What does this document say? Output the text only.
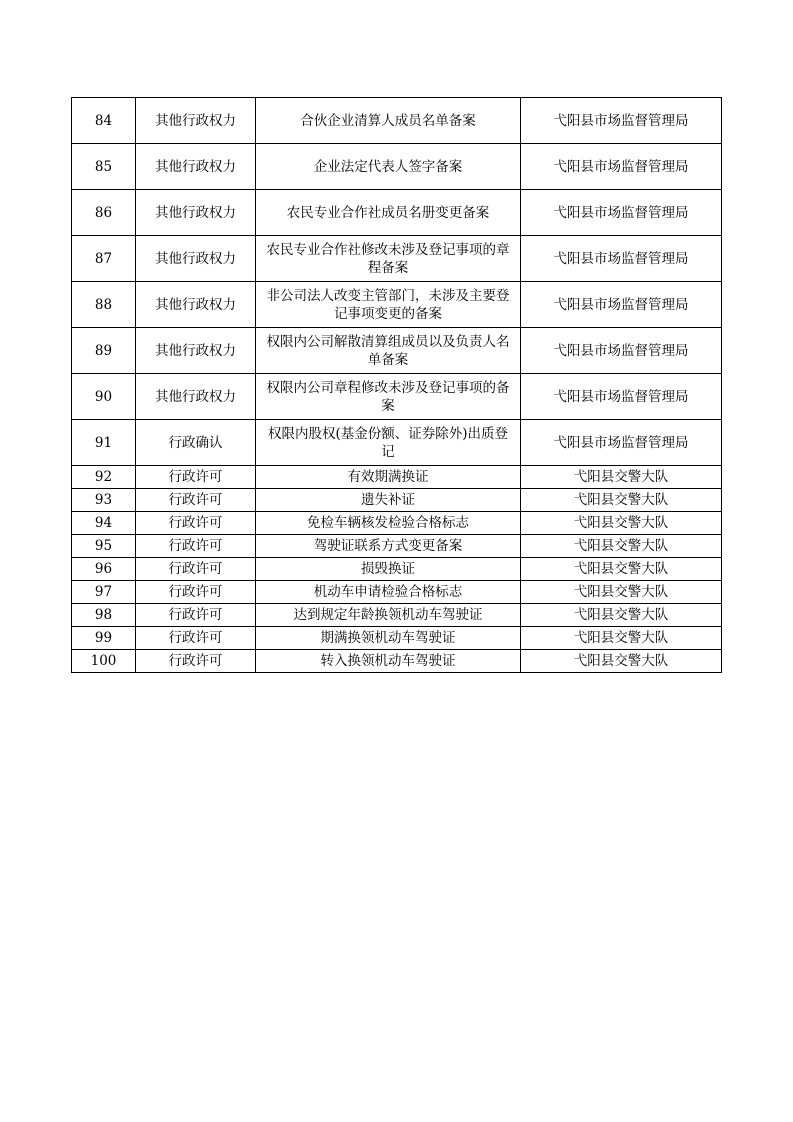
84	其他行政权力	合伙企业清算人成员名单备案	弋阳县市场监督管理局
85	其他行政权力	企业法定代表人签字备案	弋阳县市场监督管理局
86	其他行政权力	农民专业合作社成员名册变更备案	弋阳县市场监督管理局
87	其他行政权力	农民专业合作社修改未涉及登记事项的章程备案	弋阳县市场监督管理局
88	其他行政权力	非公司法人改变主管部门，未涉及主要登记事项变更的备案	弋阳县市场监督管理局
89	其他行政权力	权限内公司解散清算组成员以及负责人名单备案	弋阳县市场监督管理局
90	其他行政权力	权限内公司章程修改未涉及登记事项的备案	弋阳县市场监督管理局
91	行政确认	权限内股权(基金份额、证券除外)出质登记	弋阳县市场监督管理局
92	行政许可	有效期满换证	弋阳县交警大队
93	行政许可	遗失补证	弋阳县交警大队
94	行政许可	免检车辆核发检验合格标志	弋阳县交警大队
95	行政许可	驾驶证联系方式变更备案	弋阳县交警大队
96	行政许可	损毁换证	弋阳县交警大队
97	行政许可	机动车申请检验合格标志	弋阳县交警大队
98	行政许可	达到规定年龄换领机动车驾驶证	弋阳县交警大队
99	行政许可	期满换领机动车驾驶证	弋阳县交警大队
100	行政许可	转入换领机动车驾驶证	弋阳县交警大队
